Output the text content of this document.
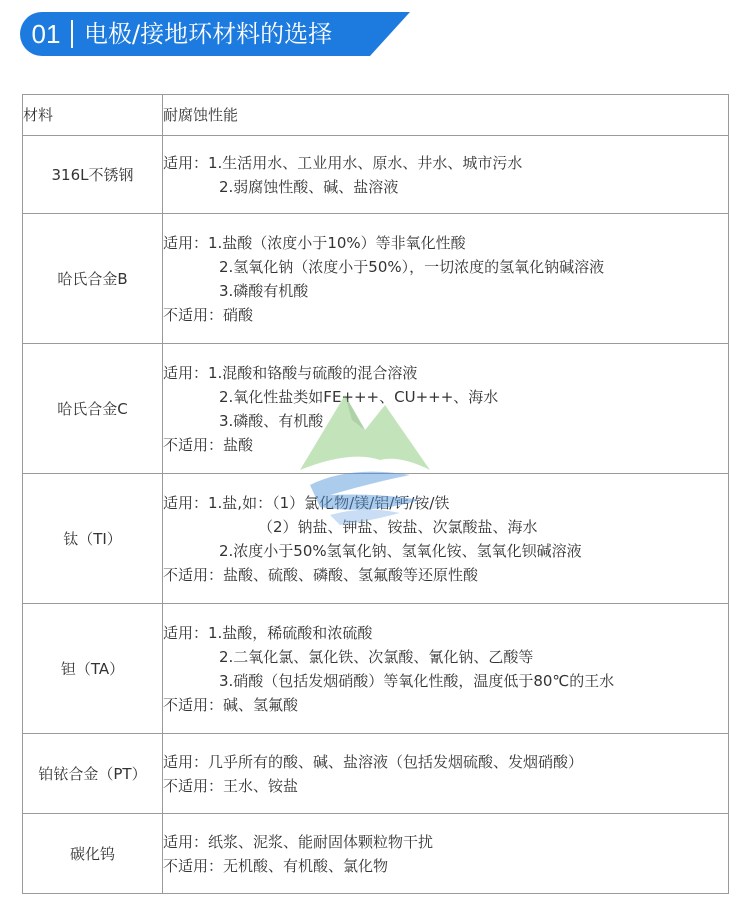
01 电极/接地环材料的选择
材料	耐腐蚀性能
316L不锈钢	适用：1.生活用水、工业用水、原水、井水、城市污水
2.弱腐蚀性酸、碱、盐溶液

哈氏合金B	适用：1.盐酸（浓度小于10%）等非氧化性酸
2.氢氧化钠（浓度小于50%），一切浓度的氢氧化钠碱溶液
3.磷酸有机酸
不适用：硝酸

哈氏合金C	适用：1.混酸和铬酸与硫酸的混合溶液
2.氧化性盐类如FE+++、CU+++、海水
3.磷酸、有机酸
不适用：盐酸

钛（TI）	适用：1.盐,如：（1）氯化物/镁/铝/钙/铵/铁
（2）钠盐、钾盐、铵盐、次氯酸盐、海水
2.浓度小于50%氢氧化钠、氢氧化铵、氢氧化钡碱溶液
不适用：盐酸、硫酸、磷酸、氢氟酸等还原性酸

钽（TA）	适用：1.盐酸，稀硫酸和浓硫酸
2.二氧化氯、氯化铁、次氯酸、氰化钠、乙酸等
3.硝酸（包括发烟硝酸）等氧化性酸，温度低于80℃的王水
不适用：碱、氢氟酸

铂铱合金（PT）	适用：几乎所有的酸、碱、盐溶液（包括发烟硫酸、发烟硝酸）
不适用：王水、铵盐

碳化钨	适用：纸浆、泥浆、能耐固体颗粒物干扰
不适用：无机酸、有机酸、氯化物
